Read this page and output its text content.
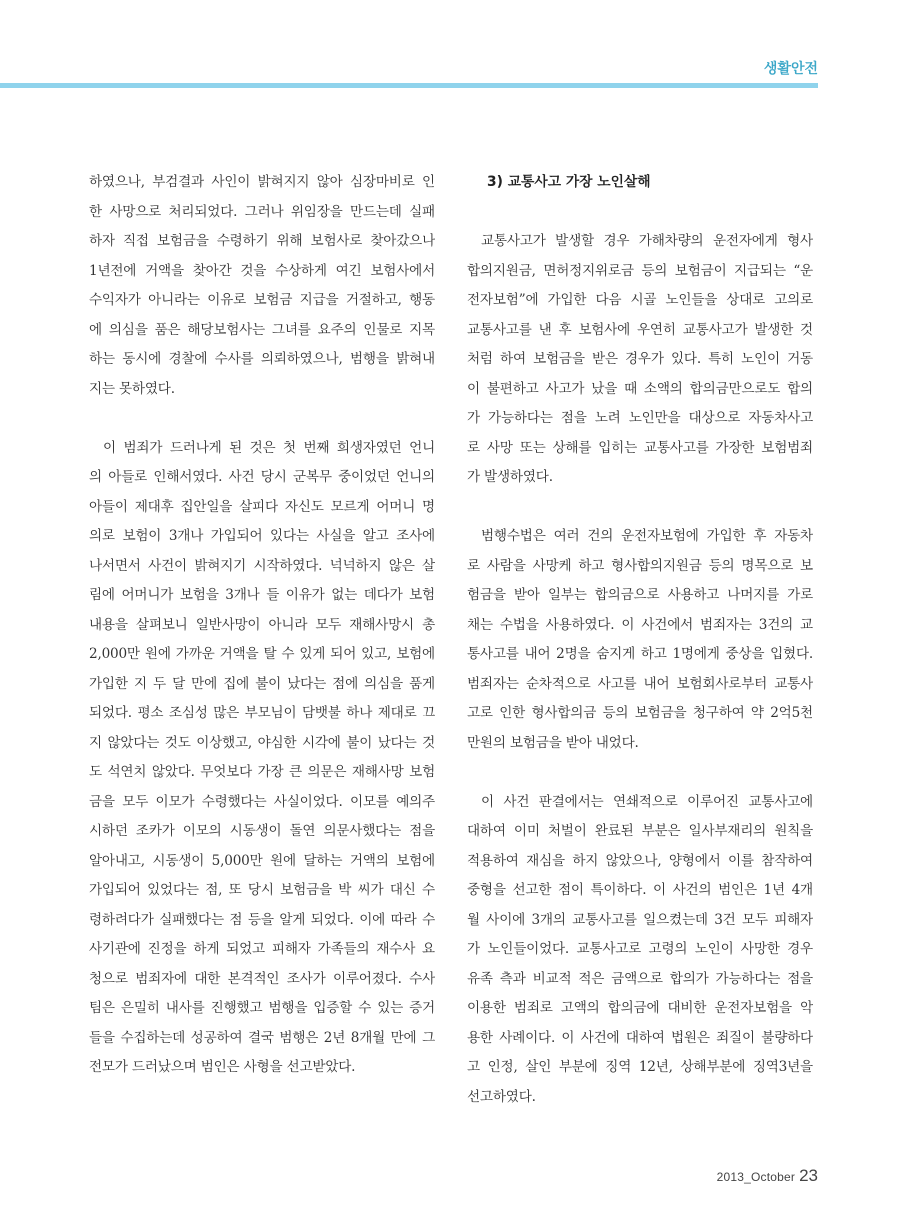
생활안전
하였으나, 부검결과 사인이 밝혀지지 않아 심장마비로 인
한 사망으로 처리되었다. 그러나 위임장을 만드는데 실패
하자 직접 보험금을 수령하기 위해 보험사로 찾아갔으나
1년전에 거액을 찾아간 것을 수상하게 여긴 보험사에서
수익자가 아니라는 이유로 보험금 지급을 거절하고, 행동
에 의심을 품은 해당보험사는 그녀를 요주의 인물로 지목
하는 동시에 경찰에 수사를 의뢰하였으나, 범행을 밝혀내
지는 못하였다.
이 범죄가 드러나게 된 것은 첫 번째 희생자였던 언니
의 아들로 인해서였다. 사건 당시 군복무 중이었던 언니의
아들이 제대후 집안일을 살피다 자신도 모르게 어머니 명
의로 보험이 3개나 가입되어 있다는 사실을 알고 조사에
나서면서 사건이 밝혀지기 시작하였다. 넉넉하지 않은 살
림에 어머니가 보험을 3개나 들 이유가 없는 데다가 보험
내용을 살펴보니 일반사망이 아니라 모두 재해사망시 총
2,000만 원에 가까운 거액을 탈 수 있게 되어 있고, 보험에
가입한 지 두 달 만에 집에 불이 났다는 점에 의심을 품게
되었다. 평소 조심성 많은 부모님이 담뱃불 하나 제대로 끄
지 않았다는 것도 이상했고, 야심한 시각에 불이 났다는 것
도 석연치 않았다. 무엇보다 가장 큰 의문은 재해사망 보험
금을 모두 이모가 수령했다는 사실이었다. 이모를 예의주
시하던 조카가 이모의 시동생이 돌연 의문사했다는 점을
알아내고, 시동생이 5,000만 원에 달하는 거액의 보험에
가입되어 있었다는 점, 또 당시 보험금을 박 씨가 대신 수
령하려다가 실패했다는 점 등을 알게 되었다. 이에 따라 수
사기관에 진정을 하게 되었고 피해자 가족들의 재수사 요
청으로 범죄자에 대한 본격적인 조사가 이루어졌다. 수사
팀은 은밀히 내사를 진행했고 범행을 입증할 수 있는 증거
들을 수집하는데 성공하여 결국 범행은 2년 8개월 만에 그
전모가 드러났으며 범인은 사형을 선고받았다.
3) 교통사고 가장 노인살해
교통사고가 발생할 경우 가해차량의 운전자에게 형사
합의지원금, 면허정지위로금 등의 보험금이 지급되는 “운
전자보험”에 가입한 다음 시골 노인들을 상대로 고의로
교통사고를 낸 후 보험사에 우연히 교통사고가 발생한 것
처럼 하여 보험금을 받은 경우가 있다. 특히 노인이 거동
이 불편하고 사고가 났을 때 소액의 합의금만으로도 합의
가 가능하다는 점을 노려 노인만을 대상으로 자동차사고
로 사망 또는 상해를 입히는 교통사고를 가장한 보험범죄
가 발생하였다.
범행수법은 여러 건의 운전자보험에 가입한 후 자동차
로 사람을 사망케 하고 형사합의지원금 등의 명목으로 보
험금을 받아 일부는 합의금으로 사용하고 나머지를 가로
채는 수법을 사용하였다. 이 사건에서 범죄자는 3건의 교
통사고를 내어 2명을 숨지게 하고 1명에게 중상을 입혔다.
범죄자는 순차적으로 사고를 내어 보험회사로부터 교통사
고로 인한 형사합의금 등의 보험금을 청구하여 약 2억5천
만원의 보험금을 받아 내었다.
이 사건 판결에서는 연쇄적으로 이루어진 교통사고에
대하여 이미 처벌이 완료된 부분은 일사부재리의 원칙을
적용하여 재심을 하지 않았으나, 양형에서 이를 참작하여
중형을 선고한 점이 특이하다. 이 사건의 범인은 1년 4개
월 사이에 3개의 교통사고를 일으켰는데 3건 모두 피해자
가 노인들이었다. 교통사고로 고령의 노인이 사망한 경우
유족 측과 비교적 적은 금액으로 합의가 가능하다는 점을
이용한 범죄로 고액의 합의금에 대비한 운전자보험을 악
용한 사례이다. 이 사건에 대하여 법원은 죄질이 불량하다
고 인정, 살인 부분에 징역 12년, 상해부분에 징역3년을
선고하였다.
2013_October 23
